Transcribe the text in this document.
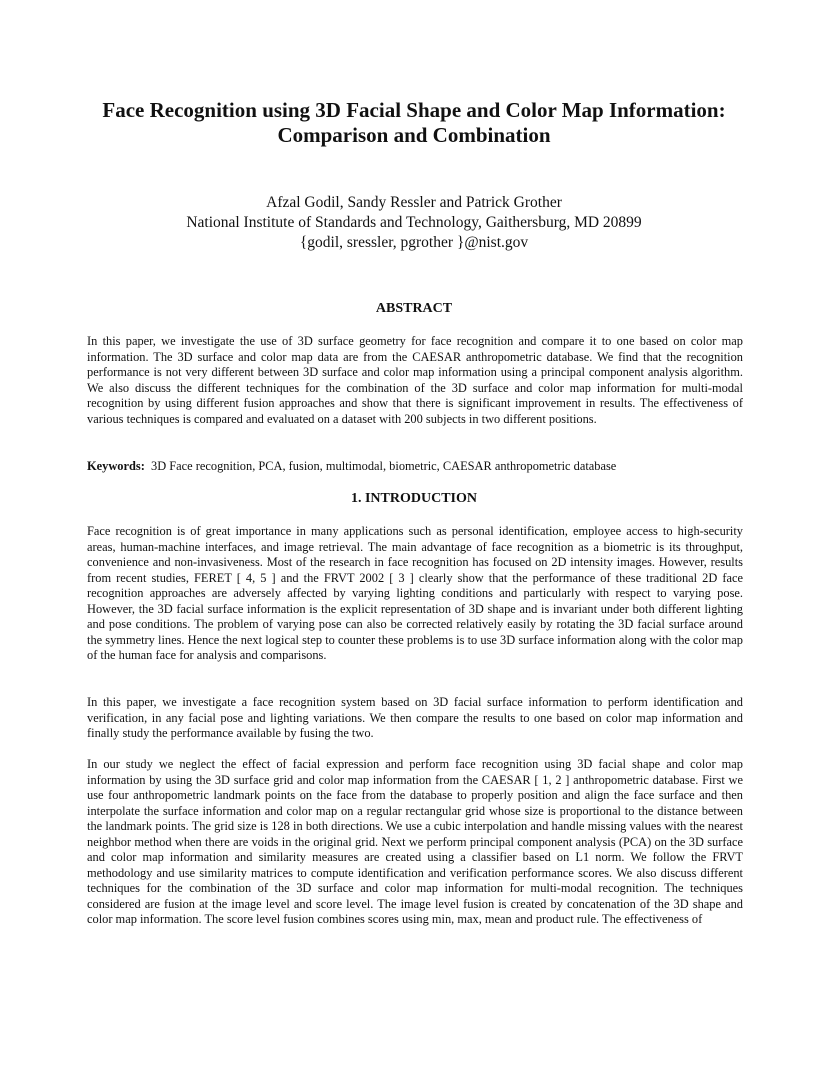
Face Recognition using 3D Facial Shape and Color Map Information:
Comparison and Combination
Afzal Godil, Sandy Ressler and Patrick Grother
National Institute of Standards and Technology, Gaithersburg, MD 20899
{godil, sressler, pgrother }@nist.gov
ABSTRACT

In this paper, we investigate the use of 3D surface geometry for face recognition and compare it to one based on color map information. The 3D surface and color map data are from the CAESAR anthropometric database. We find that the recognition performance is not very different between 3D surface and color map information using a principal component analysis algorithm. We also discuss the different techniques for the combination of the 3D surface and color map information for multi-modal recognition by using different fusion approaches and show that there is significant improvement in results. The effectiveness of various techniques is compared and evaluated on a dataset with 200 subjects in two different positions.

Keywords: 3D Face recognition, PCA, fusion, multimodal, biometric, CAESAR anthropometric database

1. INTRODUCTION

Face recognition is of great importance in many applications such as personal identification, employee access to high-security areas, human-machine interfaces, and image retrieval. The main advantage of face recognition as a biometric is its throughput, convenience and non-invasiveness. Most of the research in face recognition has focused on 2D intensity images. However, results from recent studies, FERET [ 4, 5 ] and the FRVT 2002 [ 3 ] clearly show that the performance of these traditional 2D face recognition approaches are adversely affected by varying lighting conditions and particularly with respect to varying pose. However, the 3D facial surface information is the explicit representation of 3D shape and is invariant under both different lighting and pose conditions. The problem of varying pose can also be corrected relatively easily by rotating the 3D facial surface around the symmetry lines. Hence the next logical step to counter these problems is to use 3D surface information along with the color map of the human face for analysis and comparisons.

In this paper, we investigate a face recognition system based on 3D facial surface information to perform identification and verification, in any facial pose and lighting variations. We then compare the results to one based on color map information and finally study the performance available by fusing the two.

In our study we neglect the effect of facial expression and perform face recognition using 3D facial shape and color map information by using the 3D surface grid and color map information from the CAESAR [ 1, 2 ] anthropometric database. First we use four anthropometric landmark points on the face from the database to properly position and align the face surface and then interpolate the surface information and color map on a regular rectangular grid whose size is proportional to the distance between the landmark points. The grid size is 128 in both directions. We use a cubic interpolation and handle missing values with the nearest neighbor method when there are voids in the original grid. Next we perform principal component analysis (PCA) on the 3D surface and color map information and similarity measures are created using a classifier based on L1 norm. We follow the FRVT methodology and use similarity matrices to compute identification and verification performance scores. We also discuss different techniques for the combination of the 3D surface and color map information for multi-modal recognition. The techniques considered are fusion at the image level and score level. The image level fusion is created by concatenation of the 3D shape and color map information. The score level fusion combines scores using min, max, mean and product rule. The effectiveness of
